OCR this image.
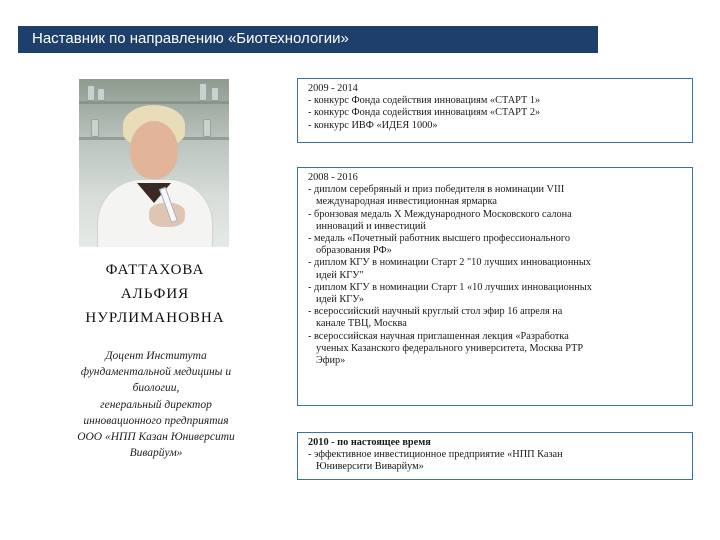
Наставник по направлению «Биотехнологии»
ФАТТАХОВА
АЛЬФИЯ
НУРЛИМАНОВНА
Доцент Института
фундаментальной медицины и
биологии,
генеральный директор
инновационного предприятия
ООО «НПП Казан Юниверсити
Виварйум»
2009 - 2014
- конкурс Фонда содействия инновациям «СТАРТ 1»
- конкурс Фонда содействия инновациям «СТАРТ 2»
- конкурс ИВФ «ИДЕЯ 1000»
2008 - 2016
- диплом серебряный и приз победителя в номинации VIII
международная инвестиционная ярмарка
- бронзовая медаль Х Международного Московского салона
инноваций и инвестиций
- медаль «Почетный работник высшего профессионального
образования РФ»
- диплом КГУ в номинации Старт 2 "10 лучших инновационных
идей КГУ"
- диплом КГУ в номинации Старт 1 «10 лучших инновационных
идей КГУ»
- всероссийский научный круглый стол эфир 16 апреля на
канале ТВЦ, Москва
- всероссийская научная приглашенная лекция «Разработка
ученых Казанского федерального университета, Москва РТР
Эфир»
2010 - по настоящее время
- эффективное инвестиционное предприятие «НПП Казан
Юниверсити Виварйум»
